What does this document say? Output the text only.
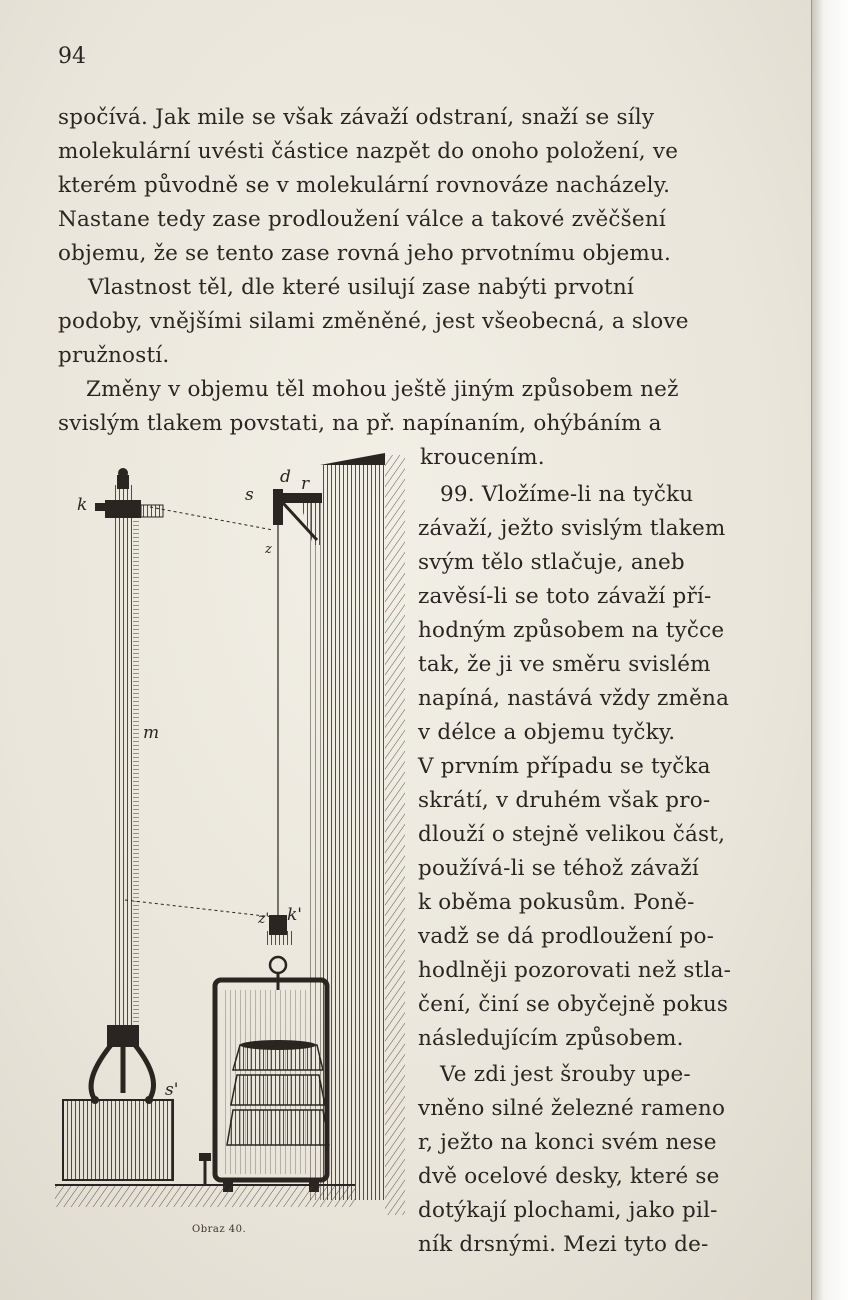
94
spočívá. Jak mile se však závaží odstraní, snaží se síly
molekulární uvésti částice nazpět do onoho položení, ve
kterém původně se v molekulární rovnováze nacházely.
Nastane tedy zase prodloužení válce a takové zvěčšení
objemu, že se tento zase rovná jeho prvotnímu objemu.
Vlastnost těl, dle které usilují zase nabýti prvotní
podoby, vnějšími silami změněné, jest všeobecná, a slove
pružností.
Změny v objemu těl mohou ještě jiným způsobem než
svislým tlakem povstati, na př. napínaním, ohýbáním a
kroucením.
99. Vložíme-li na tyčku
závaží, ježto svislým tlakem
svým tělo stlačuje, aneb
zavěsí-li se toto závaží pří-
hodným způsobem na tyčce
tak, že ji ve směru svislém
napíná, nastává vždy změna
v délce a objemu tyčky.
V prvním případu se tyčka
skrátí, v druhém však pro-
dlouží o stejně velikou část,
používá-li se téhož závaží
k oběma pokusům. Poně-
vadž se dá prodloužení po-
hodlněji pozorovati než stla-
čení, činí se obyčejně pokus
následujícím způsobem.
Ve zdi jest šrouby upe-
vněno silné železné rameno
r, ježto na konci svém nese
dvě ocelové desky, které se
dotýkají plochami, jako pil-
ník drsnými. Mezi tyto de-
k	s
d r
z
m
z' k'
s'
Obraz 40.
